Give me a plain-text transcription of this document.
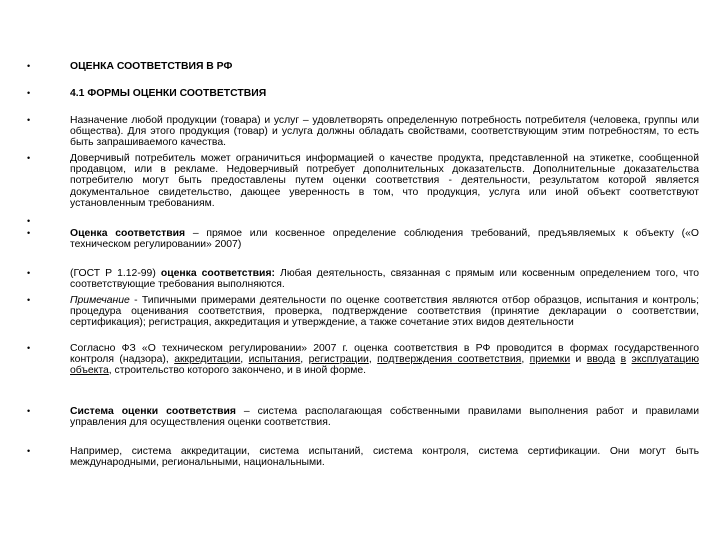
•	ОЦЕНКА СООТВЕТСТВИЯ В РФ
•	4.1 ФОРМЫ ОЦЕНКИ СООТВЕТСТВИЯ
•	Назначение любой продукции (товара) и услуг – удовлетворять определенную потребность потребителя (человека, группы или общества). Для этого продукция (товар) и услуга должны обладать свойствами, соответствующим этим потребностям, то есть быть запрашиваемого качества.
•	Доверчивый потребитель может ограничиться информацией о качестве продукта, представленной на этикетке, сообщенной продавцом, или в рекламе. Недоверчивый потребует дополнительных доказательств. Дополнительные доказательства потребителю могут быть предоставлены путем оценки соответствия - деятельности, результатом которой является документальное свидетельство, дающее уверенность в том, что продукция, услуга или иной объект соответствуют установленным требованиям.
•
•	Оценка соответствия – прямое или косвенное определение соблюдения требований, предъявляемых к объекту («О техническом регулировании» 2007)
•	(ГОСТ Р 1.12-99) оценка соответствия: Любая деятельность, связанная с прямым или косвенным определением того, что соответствующие требования выполняются.
•	Примечание - Типичными примерами деятельности по оценке соответствия являются отбор образцов, испытания и контроль; процедура оценивания соответствия, проверка, подтверждение соответствия (принятие декларации о соответствии, сертификация); регистрация, аккредитация и утверждение, а также сочетание этих видов деятельности
•	Согласно ФЗ «О техническом регулировании» 2007 г. оценка соответствия в РФ проводится в формах государственного контроля (надзора), аккредитации, испытания, регистрации, подтверждения соответствия, приемки и ввода в эксплуатацию объекта, строительство которого закончено, и в иной форме.
•	Система оценки соответствия – система располагающая собственными правилами выполнения работ и правилами управления для осуществления оценки соответствия.
•	Например, система аккредитации, система испытаний, система контроля, система сертификации. Они могут быть международными, региональными, национальными.
